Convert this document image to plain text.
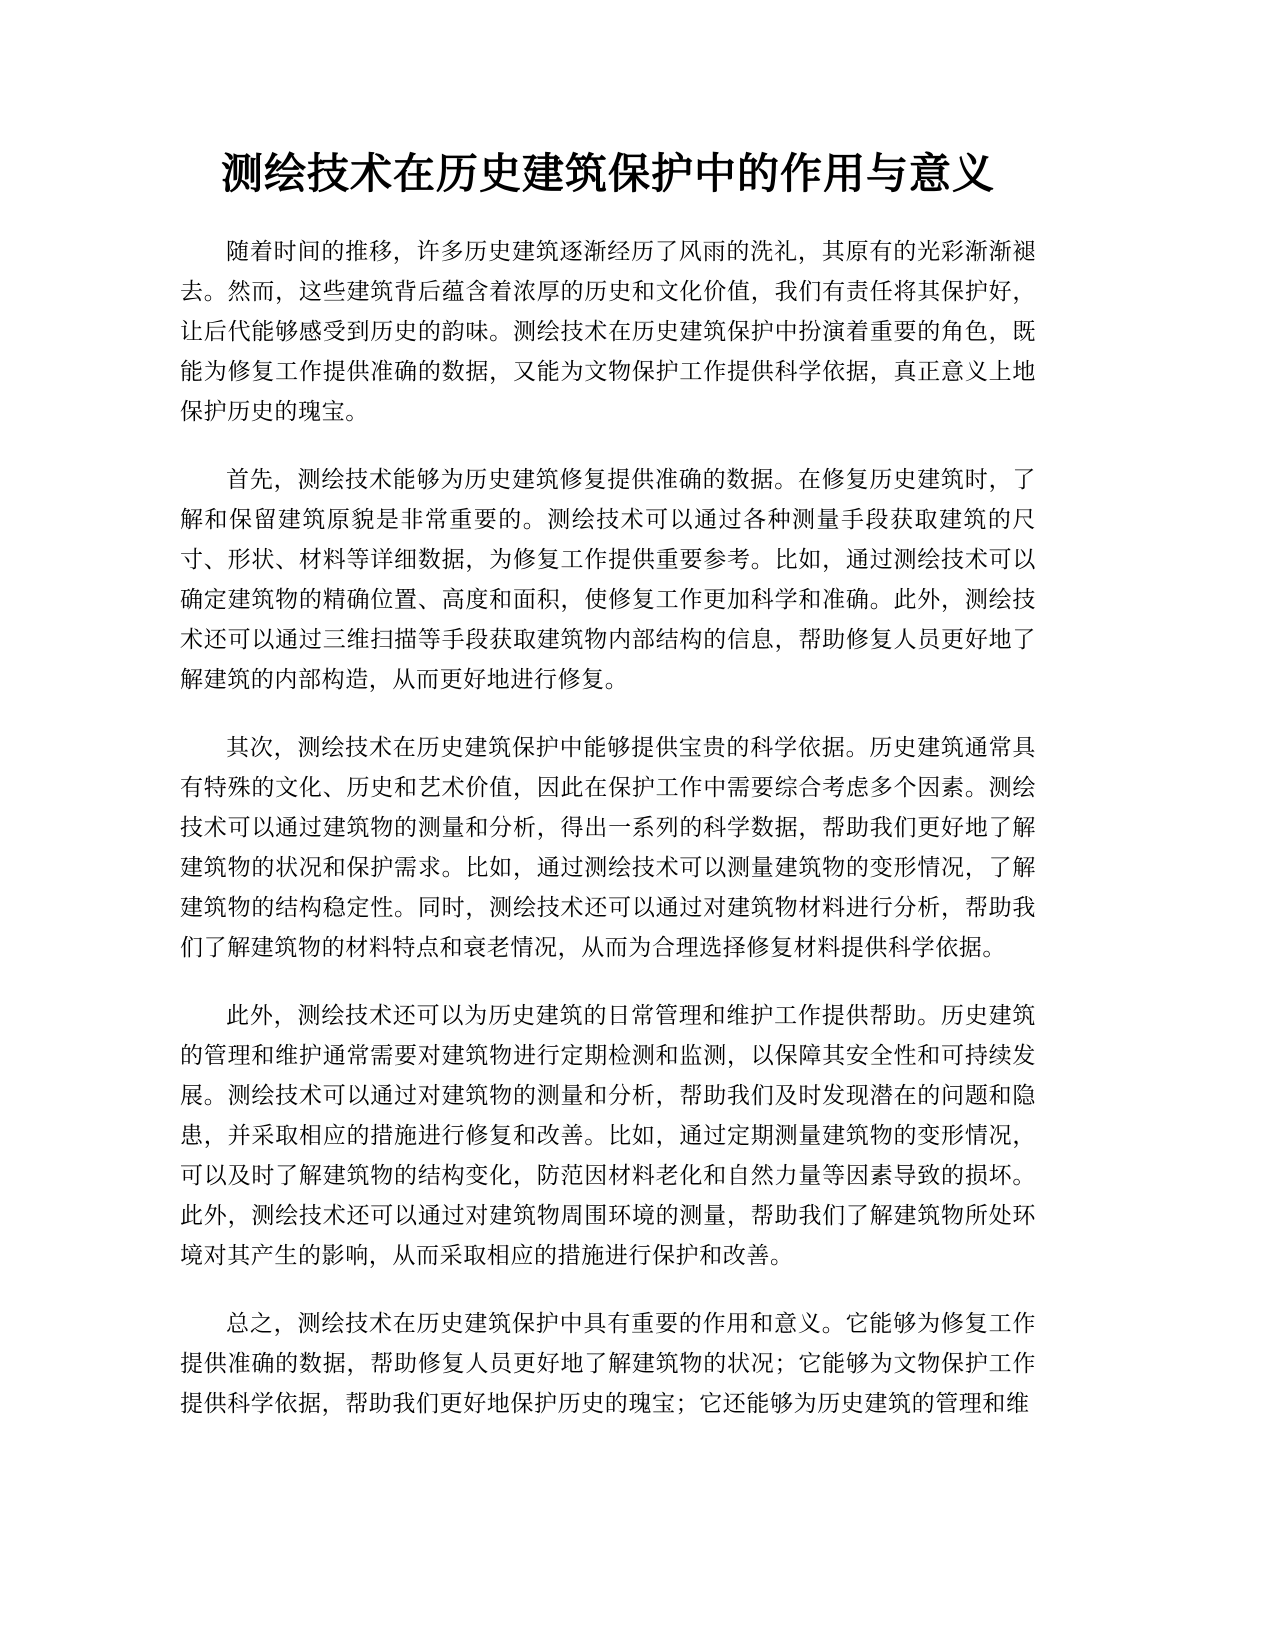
测绘技术在历史建筑保护中的作用与意义

随着时间的推移，许多历史建筑逐渐经历了风雨的洗礼，其原有的光彩渐渐褪去。然而，这些建筑背后蕴含着浓厚的历史和文化价值，我们有责任将其保护好，让后代能够感受到历史的韵味。测绘技术在历史建筑保护中扮演着重要的角色，既能为修复工作提供准确的数据，又能为文物保护工作提供科学依据，真正意义上地保护历史的瑰宝。

首先，测绘技术能够为历史建筑修复提供准确的数据。在修复历史建筑时，了解和保留建筑原貌是非常重要的。测绘技术可以通过各种测量手段获取建筑的尺寸、形状、材料等详细数据，为修复工作提供重要参考。比如，通过测绘技术可以确定建筑物的精确位置、高度和面积，使修复工作更加科学和准确。此外，测绘技术还可以通过三维扫描等手段获取建筑物内部结构的信息，帮助修复人员更好地了解建筑的内部构造，从而更好地进行修复。

其次，测绘技术在历史建筑保护中能够提供宝贵的科学依据。历史建筑通常具有特殊的文化、历史和艺术价值，因此在保护工作中需要综合考虑多个因素。测绘技术可以通过建筑物的测量和分析，得出一系列的科学数据，帮助我们更好地了解建筑物的状况和保护需求。比如，通过测绘技术可以测量建筑物的变形情况，了解建筑物的结构稳定性。同时，测绘技术还可以通过对建筑物材料进行分析，帮助我们了解建筑物的材料特点和衰老情况，从而为合理选择修复材料提供科学依据。

此外，测绘技术还可以为历史建筑的日常管理和维护工作提供帮助。历史建筑的管理和维护通常需要对建筑物进行定期检测和监测，以保障其安全性和可持续发展。测绘技术可以通过对建筑物的测量和分析，帮助我们及时发现潜在的问题和隐患，并采取相应的措施进行修复和改善。比如，通过定期测量建筑物的变形情况，可以及时了解建筑物的结构变化，防范因材料老化和自然力量等因素导致的损坏。此外，测绘技术还可以通过对建筑物周围环境的测量，帮助我们了解建筑物所处环境对其产生的影响，从而采取相应的措施进行保护和改善。

总之，测绘技术在历史建筑保护中具有重要的作用和意义。它能够为修复工作提供准确的数据，帮助修复人员更好地了解建筑物的状况；它能够为文物保护工作提供科学依据，帮助我们更好地保护历史的瑰宝；它还能够为历史建筑的管理和维
